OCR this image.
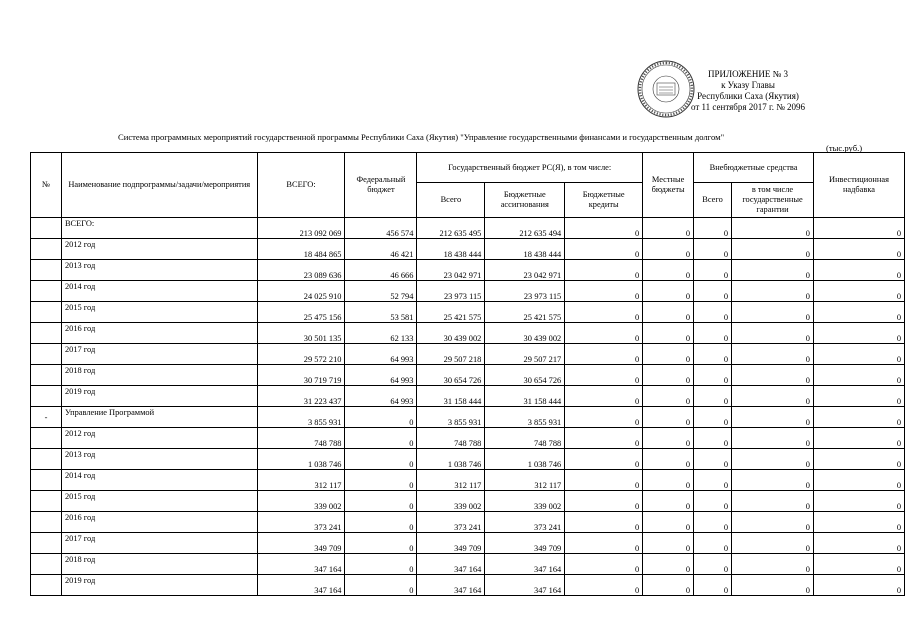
ПРИЛОЖЕНИЕ № 3
к Указу Главы
Республики Саха (Якутия)
от 11 сентября 2017 г. № 2096
Система программных мероприятий государственной программы Республики Саха (Якутия) "Управление государственными финансами и государственным долгом"
(тыс.руб.)
№	Наименование подпрограммы/задачи/мероприятия	ВСЕГО:	Федеральный бюджет	Государственный бюджет РС(Я), в том числе:			Местные бюджеты	Внебюджетные средства		Инвестиционная надбавка
				Всего	Бюджетные ассигнования	Бюджетные кредиты		Всего	в том числе государственные гарантии	
	ВСЕГО:	213 092 069	456 574	212 635 495	212 635 494	0	0	0	0	0
	2012 год	18 484 865	46 421	18 438 444	18 438 444	0	0	0	0	0
	2013 год	23 089 636	46 666	23 042 971	23 042 971	0	0	0	0	0
	2014 год	24 025 910	52 794	23 973 115	23 973 115	0	0	0	0	0
	2015 год	25 475 156	53 581	25 421 575	25 421 575	0	0	0	0	0
	2016 год	30 501 135	62 133	30 439 002	30 439 002	0	0	0	0	0
	2017 год	29 572 210	64 993	29 507 218	29 507 217	0	0	0	0	0
	2018 год	30 719 719	64 993	30 654 726	30 654 726	0	0	0	0	0
	2019 год	31 223 437	64 993	31 158 444	31 158 444	0	0	0	0	0
-	Управление Программой	3 855 931	0	3 855 931	3 855 931	0	0	0	0	0
	2012 год	748 788	0	748 788	748 788	0	0	0	0	0
	2013 год	1 038 746	0	1 038 746	1 038 746	0	0	0	0	0
	2014 год	312 117	0	312 117	312 117	0	0	0	0	0
	2015 год	339 002	0	339 002	339 002	0	0	0	0	0
	2016 год	373 241	0	373 241	373 241	0	0	0	0	0
	2017 год	349 709	0	349 709	349 709	0	0	0	0	0
	2018 год	347 164	0	347 164	347 164	0	0	0	0	0
	2019 год	347 164	0	347 164	347 164	0	0	0	0	0
